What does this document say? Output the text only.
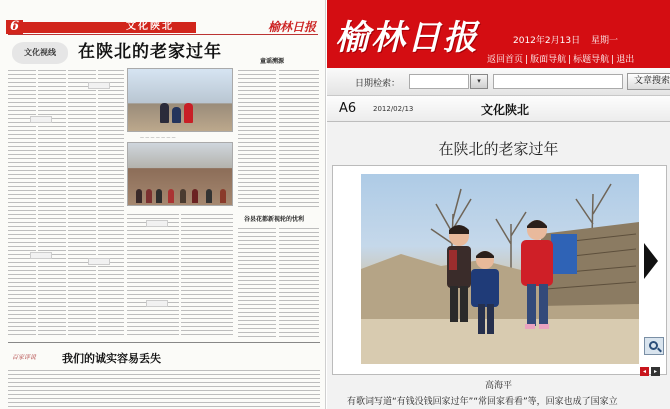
6	文化陕北	榆林日报
文化视线	在陕北的老家过年
— — — — — — —
童谣溯源
谷县花都新视轮的忧利
百家评说 我们的诚实容易丢失
榆林日报	2012年2月13日 星期一
返回首页 | 版面导航 | 标题导航 | 退出
日期检索：	▾	文章搜索
A6 2012/02/13	文化陕北
在陕北的老家过年
◂ ▸
高海平
有歌词写道“有钱没钱回家过年”“常回家看看”等，回家也成了国家立
